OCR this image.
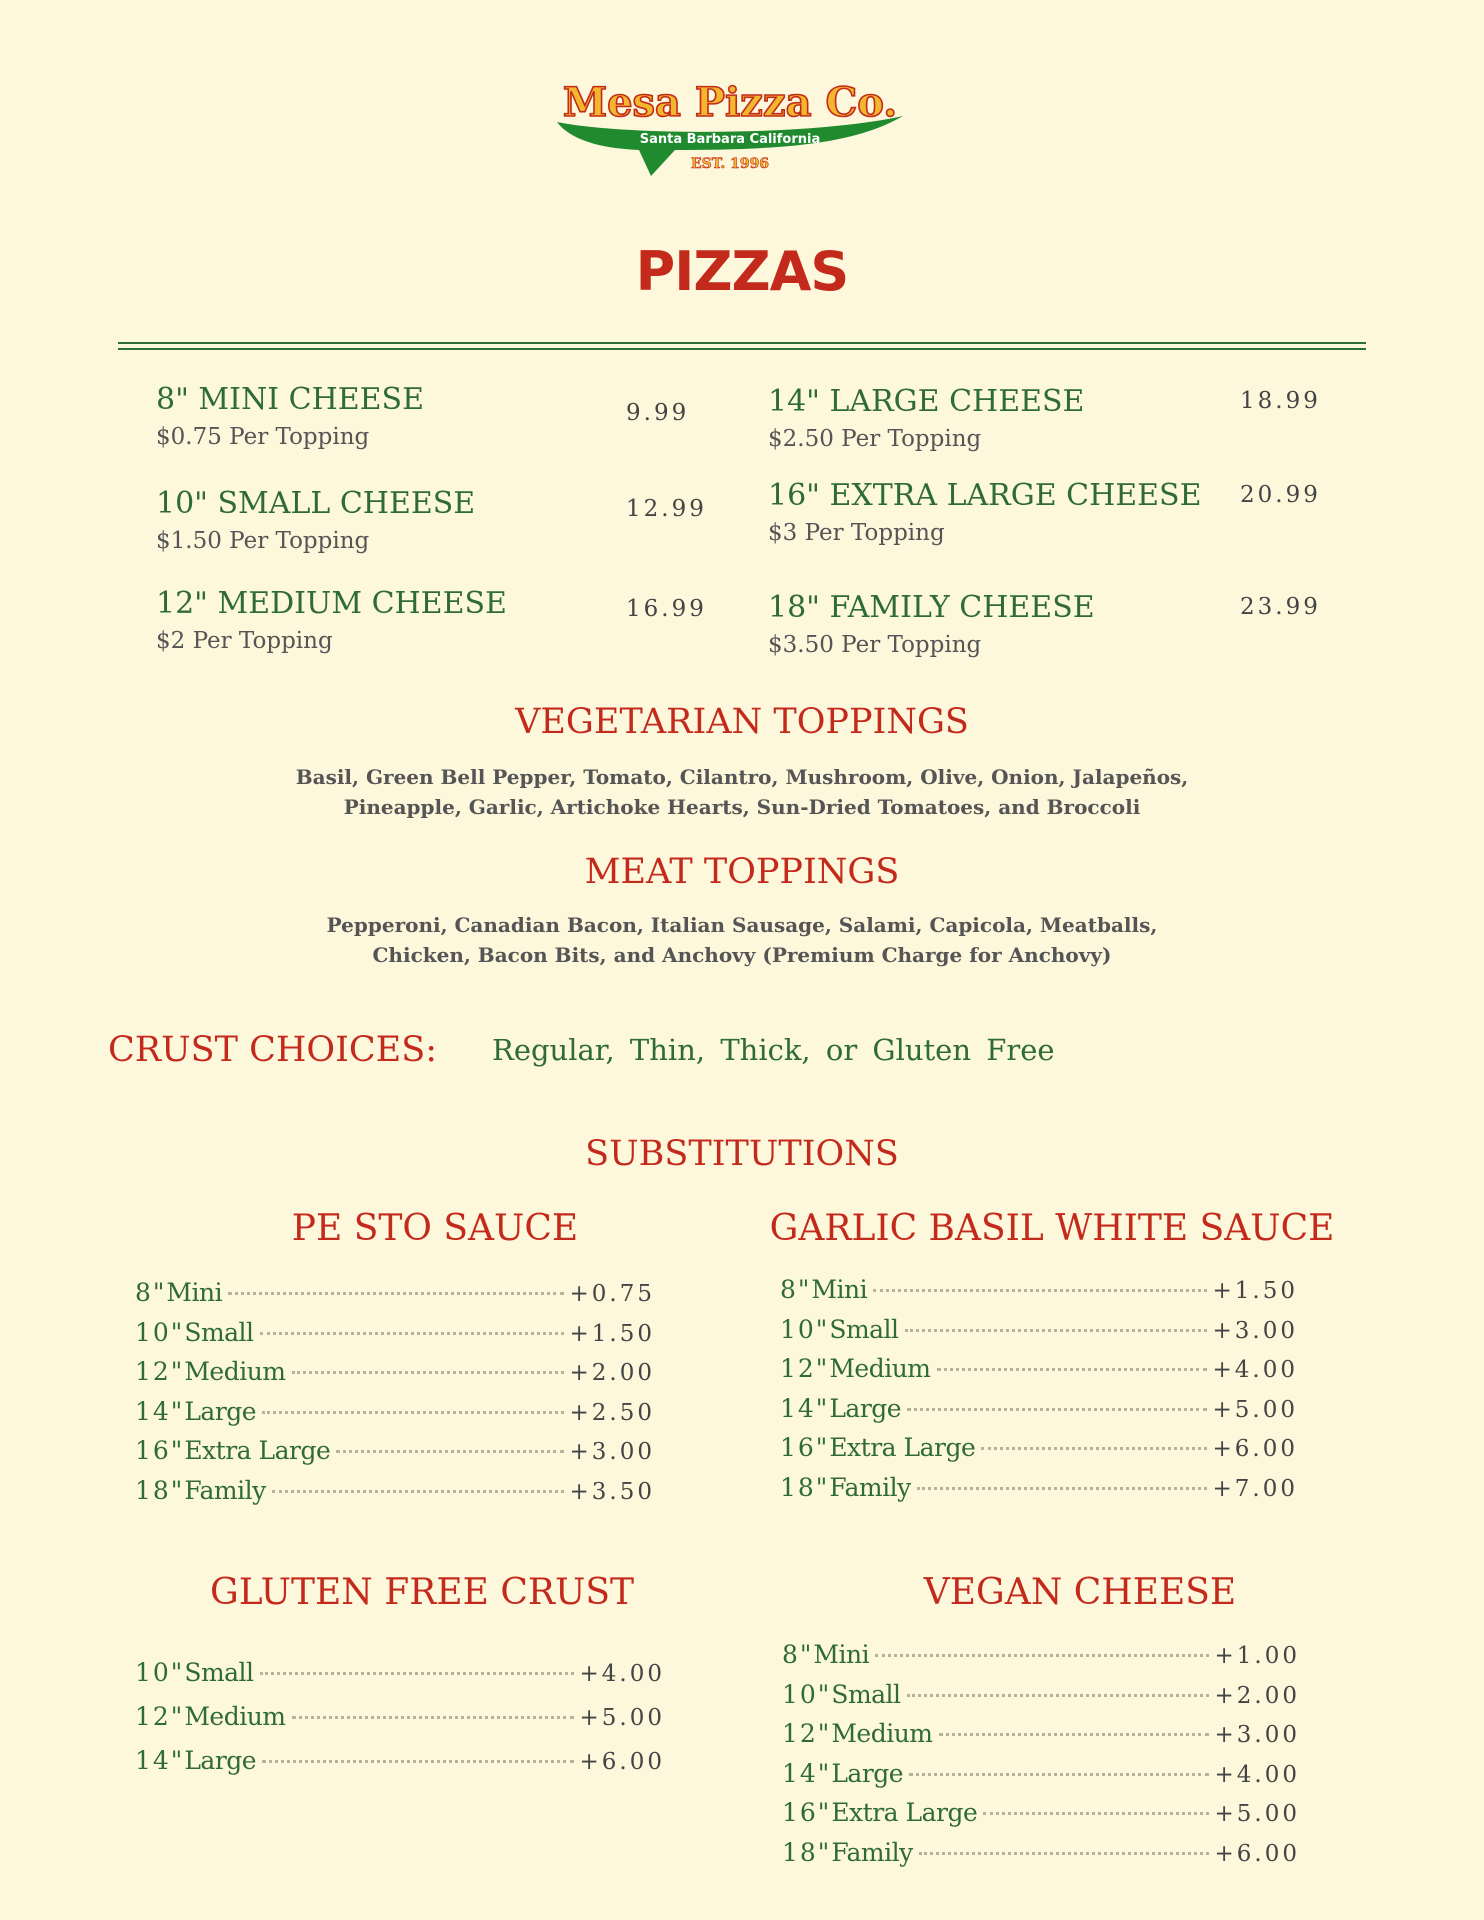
Mesa Pizza Co.
Santa Barbara California
EST. 1996
PIZZAS
8" MINI CHEESE	9.99
$0.75 Per Topping
10" SMALL CHEESE	12.99
$1.50 Per Topping
12" MEDIUM CHEESE	16.99
$2 Per Topping
14" LARGE CHEESE	18.99
$2.50 Per Topping
16" EXTRA LARGE CHEESE 20.99
$3 Per Topping
18" FAMILY CHEESE	23.99
$3.50 Per Topping
VEGETARIAN TOPPINGS
Basil, Green Bell Pepper, Tomato, Cilantro, Mushroom, Olive, Onion, Jalapeños,
Pineapple, Garlic, Artichoke Hearts, Sun-Dried Tomatoes, and Broccoli
MEAT TOPPINGS
Pepperoni, Canadian Bacon, Italian Sausage, Salami, Capicola, Meatballs,
Chicken, Bacon Bits, and Anchovy (Premium Charge for Anchovy)
CRUST CHOICES: Regular, Thin, Thick, or Gluten Free
SUBSTITUTIONS
PE STO SAUCE	GARLIC BASIL WHITE SAUCE
GLUTEN FREE CRUST	VEGAN CHEESE
8"Mini	+0.75
10"Small	+1.50
12"Medium	+2.00
14"Large	+2.50
16"Extra Large	+3.00
18"Family	+3.50
8"Mini	+1.50
10"Small	+3.00
12"Medium	+4.00
14"Large	+5.00
16"Extra Large	+6.00
18"Family	+7.00
10"Small	+4.00
12"Medium	+5.00
14"Large	+6.00
8"Mini	+1.00
10"Small	+2.00
12"Medium	+3.00
14"Large	+4.00
16"Extra Large	+5.00
18"Family	+6.00
